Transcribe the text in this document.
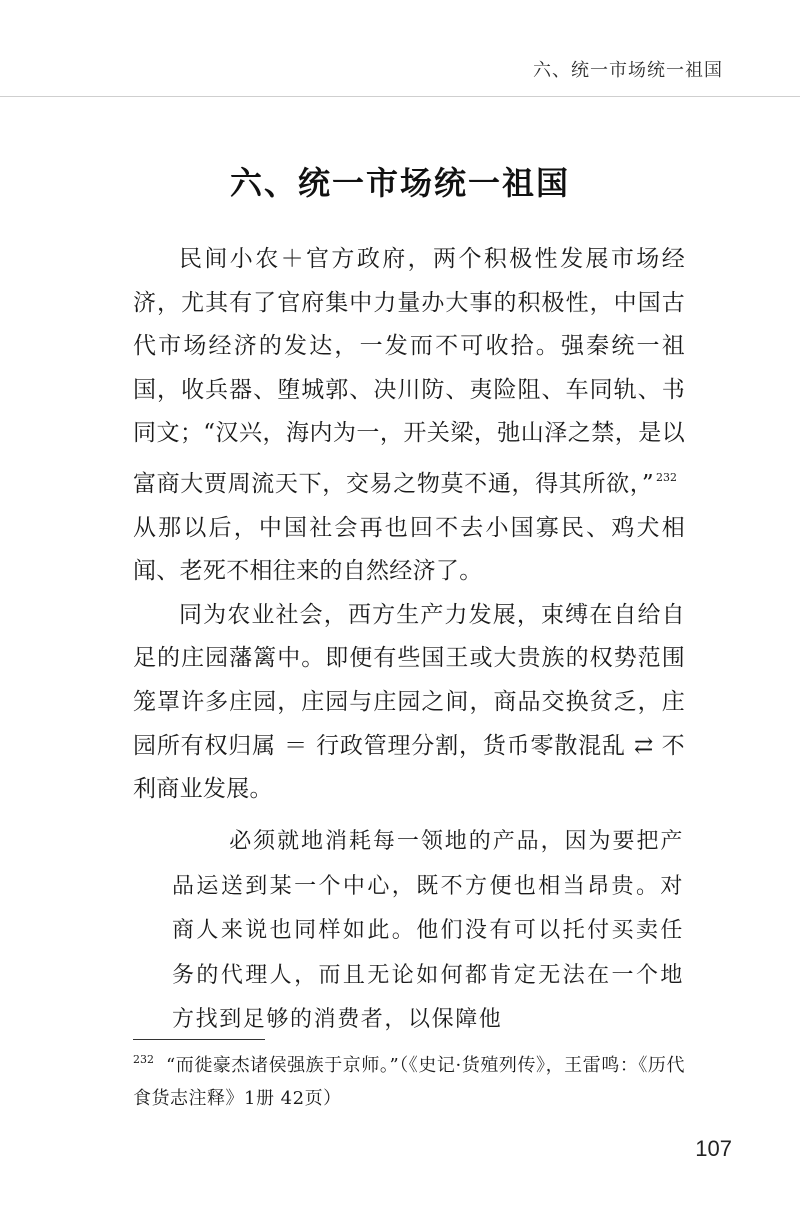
六、统一市场统一祖国
六、统一市场统一祖国

民间小农＋官方政府，两个积极性发展市场经济，尤其有了官府集中力量办大事的积极性，中国古代市场经济的发达，一发而不可收拾。强秦统一祖国，收兵器、堕城郭、决川防、夷险阻、车同轨、书同文；“汉兴，海内为一，开关梁，弛山泽之禁，是以富商大贾周流天下，交易之物莫不通，得其所欲，” $^{232}$从那以后，中国社会再也回不去小国寡民、鸡犬相闻、老死不相往来的自然经济了。

同为农业社会，西方生产力发展，束缚在自给自足的庄园藩篱中。即便有些国王或大贵族的权势范围笼罩许多庄园，庄园与庄园之间，商品交换贫乏，庄园所有权归属 ＝ 行政管理分割，货币零散混乱 ⇄ 不利商业发展。

必须就地消耗每一领地的产品，因为要把产品运送到某一个中心，既不方便也相当昂贵。对商人来说也同样如此。他们没有可以托付买卖任务的代理人，而且无论如何都肯定无法在一个地方找到足够的消费者，以保障他

$^{232}$ “而徙豪杰诸侯强族于京师。”（《史记·货殖列传》，王雷鸣：《历代食货志注释》1册 42页）
107
